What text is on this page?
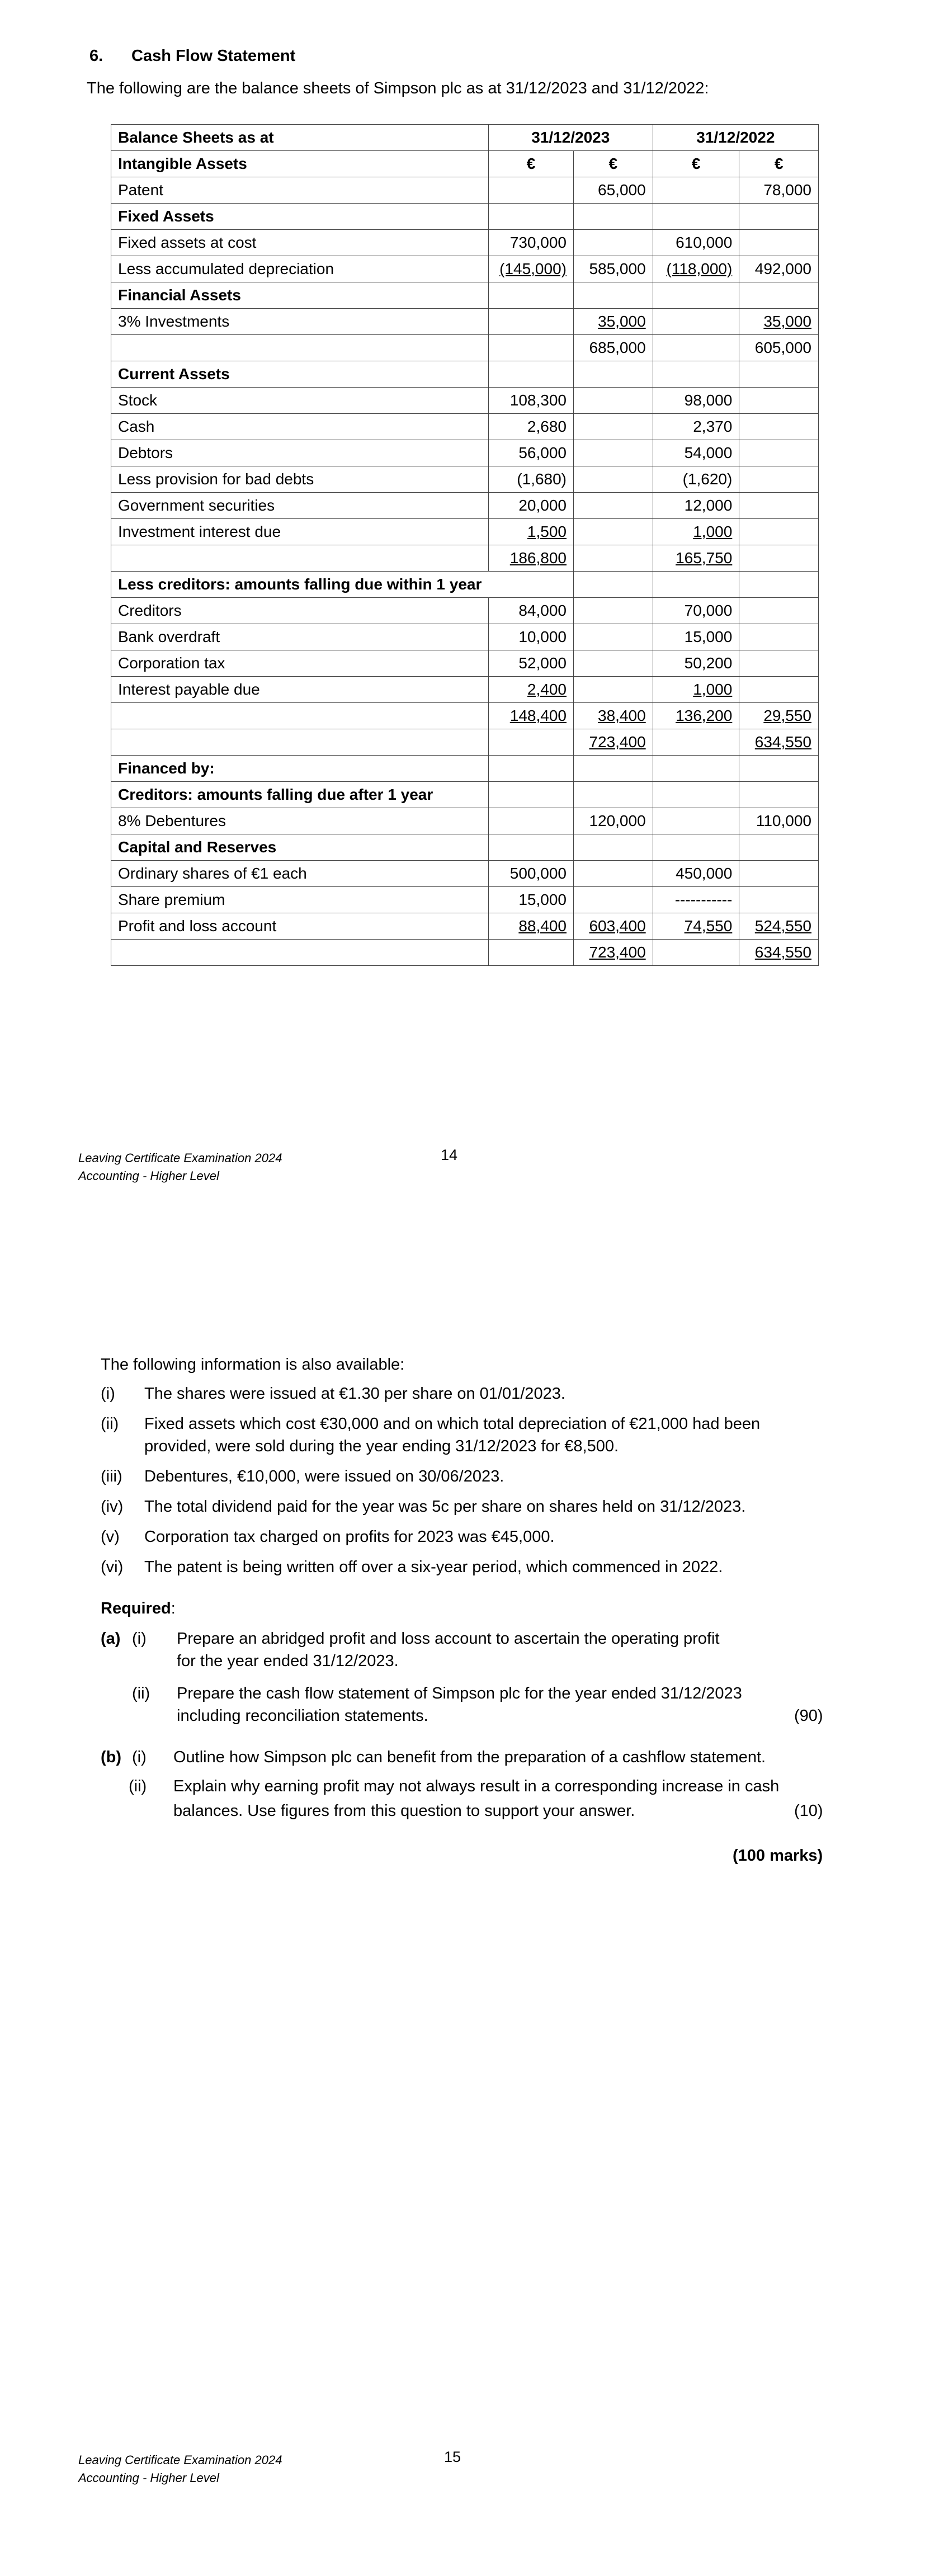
6. Cash Flow Statement
The following are the balance sheets of Simpson plc as at 31/12/2023 and 31/12/2022:
Balance Sheets as at	31/12/2023		31/12/2022	
Intangible Assets	€	€	€	€
Patent		65,000		78,000
Fixed Assets				
Fixed assets at cost	730,000		610,000	
Less accumulated depreciation	(145,000)	585,000	(118,000)	492,000
Financial Assets				
3% Investments		35,000		35,000
		685,000		605,000
Current Assets				
Stock	108,300		98,000	
Cash	2,680		2,370	
Debtors	56,000		54,000	
Less provision for bad debts	(1,680)		(1,620)	
Government securities	20,000		12,000	
Investment interest due	1,500		1,000	
	186,800		165,750	
Less creditors: amounts falling due within 1 year				
Creditors	84,000		70,000	
Bank overdraft	10,000		15,000	
Corporation tax	52,000		50,200	
Interest payable due	2,400		1,000	
	148,400	38,400	136,200	29,550
		723,400		634,550
Financed by:				
Creditors: amounts falling due after 1 year				
8% Debentures		120,000		110,000
Capital and Reserves				
Ordinary shares of €1 each	500,000		450,000	
Share premium	15,000		-----------	
Profit and loss account	88,400	603,400	74,550	524,550
		723,400		634,550
Leaving Certificate Examination 2024
Accounting - Higher Level
14
The following information is also available:
(i) The shares were issued at €1.30 per share on 01/01/2023.
(ii) Fixed assets which cost €30,000 and on which total depreciation of €21,000 had been provided, were sold during the year ending 31/12/2023 for €8,500.
(iii) Debentures, €10,000, were issued on 30/06/2023.
(iv) The total dividend paid for the year was 5c per share on shares held on 31/12/2023.
(v) Corporation tax charged on profits for 2023 was €45,000.
(vi) The patent is being written off over a six-year period, which commenced in 2022.
Required:
(a) (i) Prepare an abridged profit and loss account to ascertain the operating profit
for the year ended 31/12/2023.
(ii) Prepare the cash flow statement of Simpson plc for the year ended 31/12/2023
including reconciliation statements.	(90)
(b) (i) Outline how Simpson plc can benefit from the preparation of a cashflow statement.
(ii) Explain why earning profit may not always result in a corresponding increase in cash
balances. Use figures from this question to support your answer.	(10)
(100 marks)
Leaving Certificate Examination 2024
Accounting - Higher Level
15
